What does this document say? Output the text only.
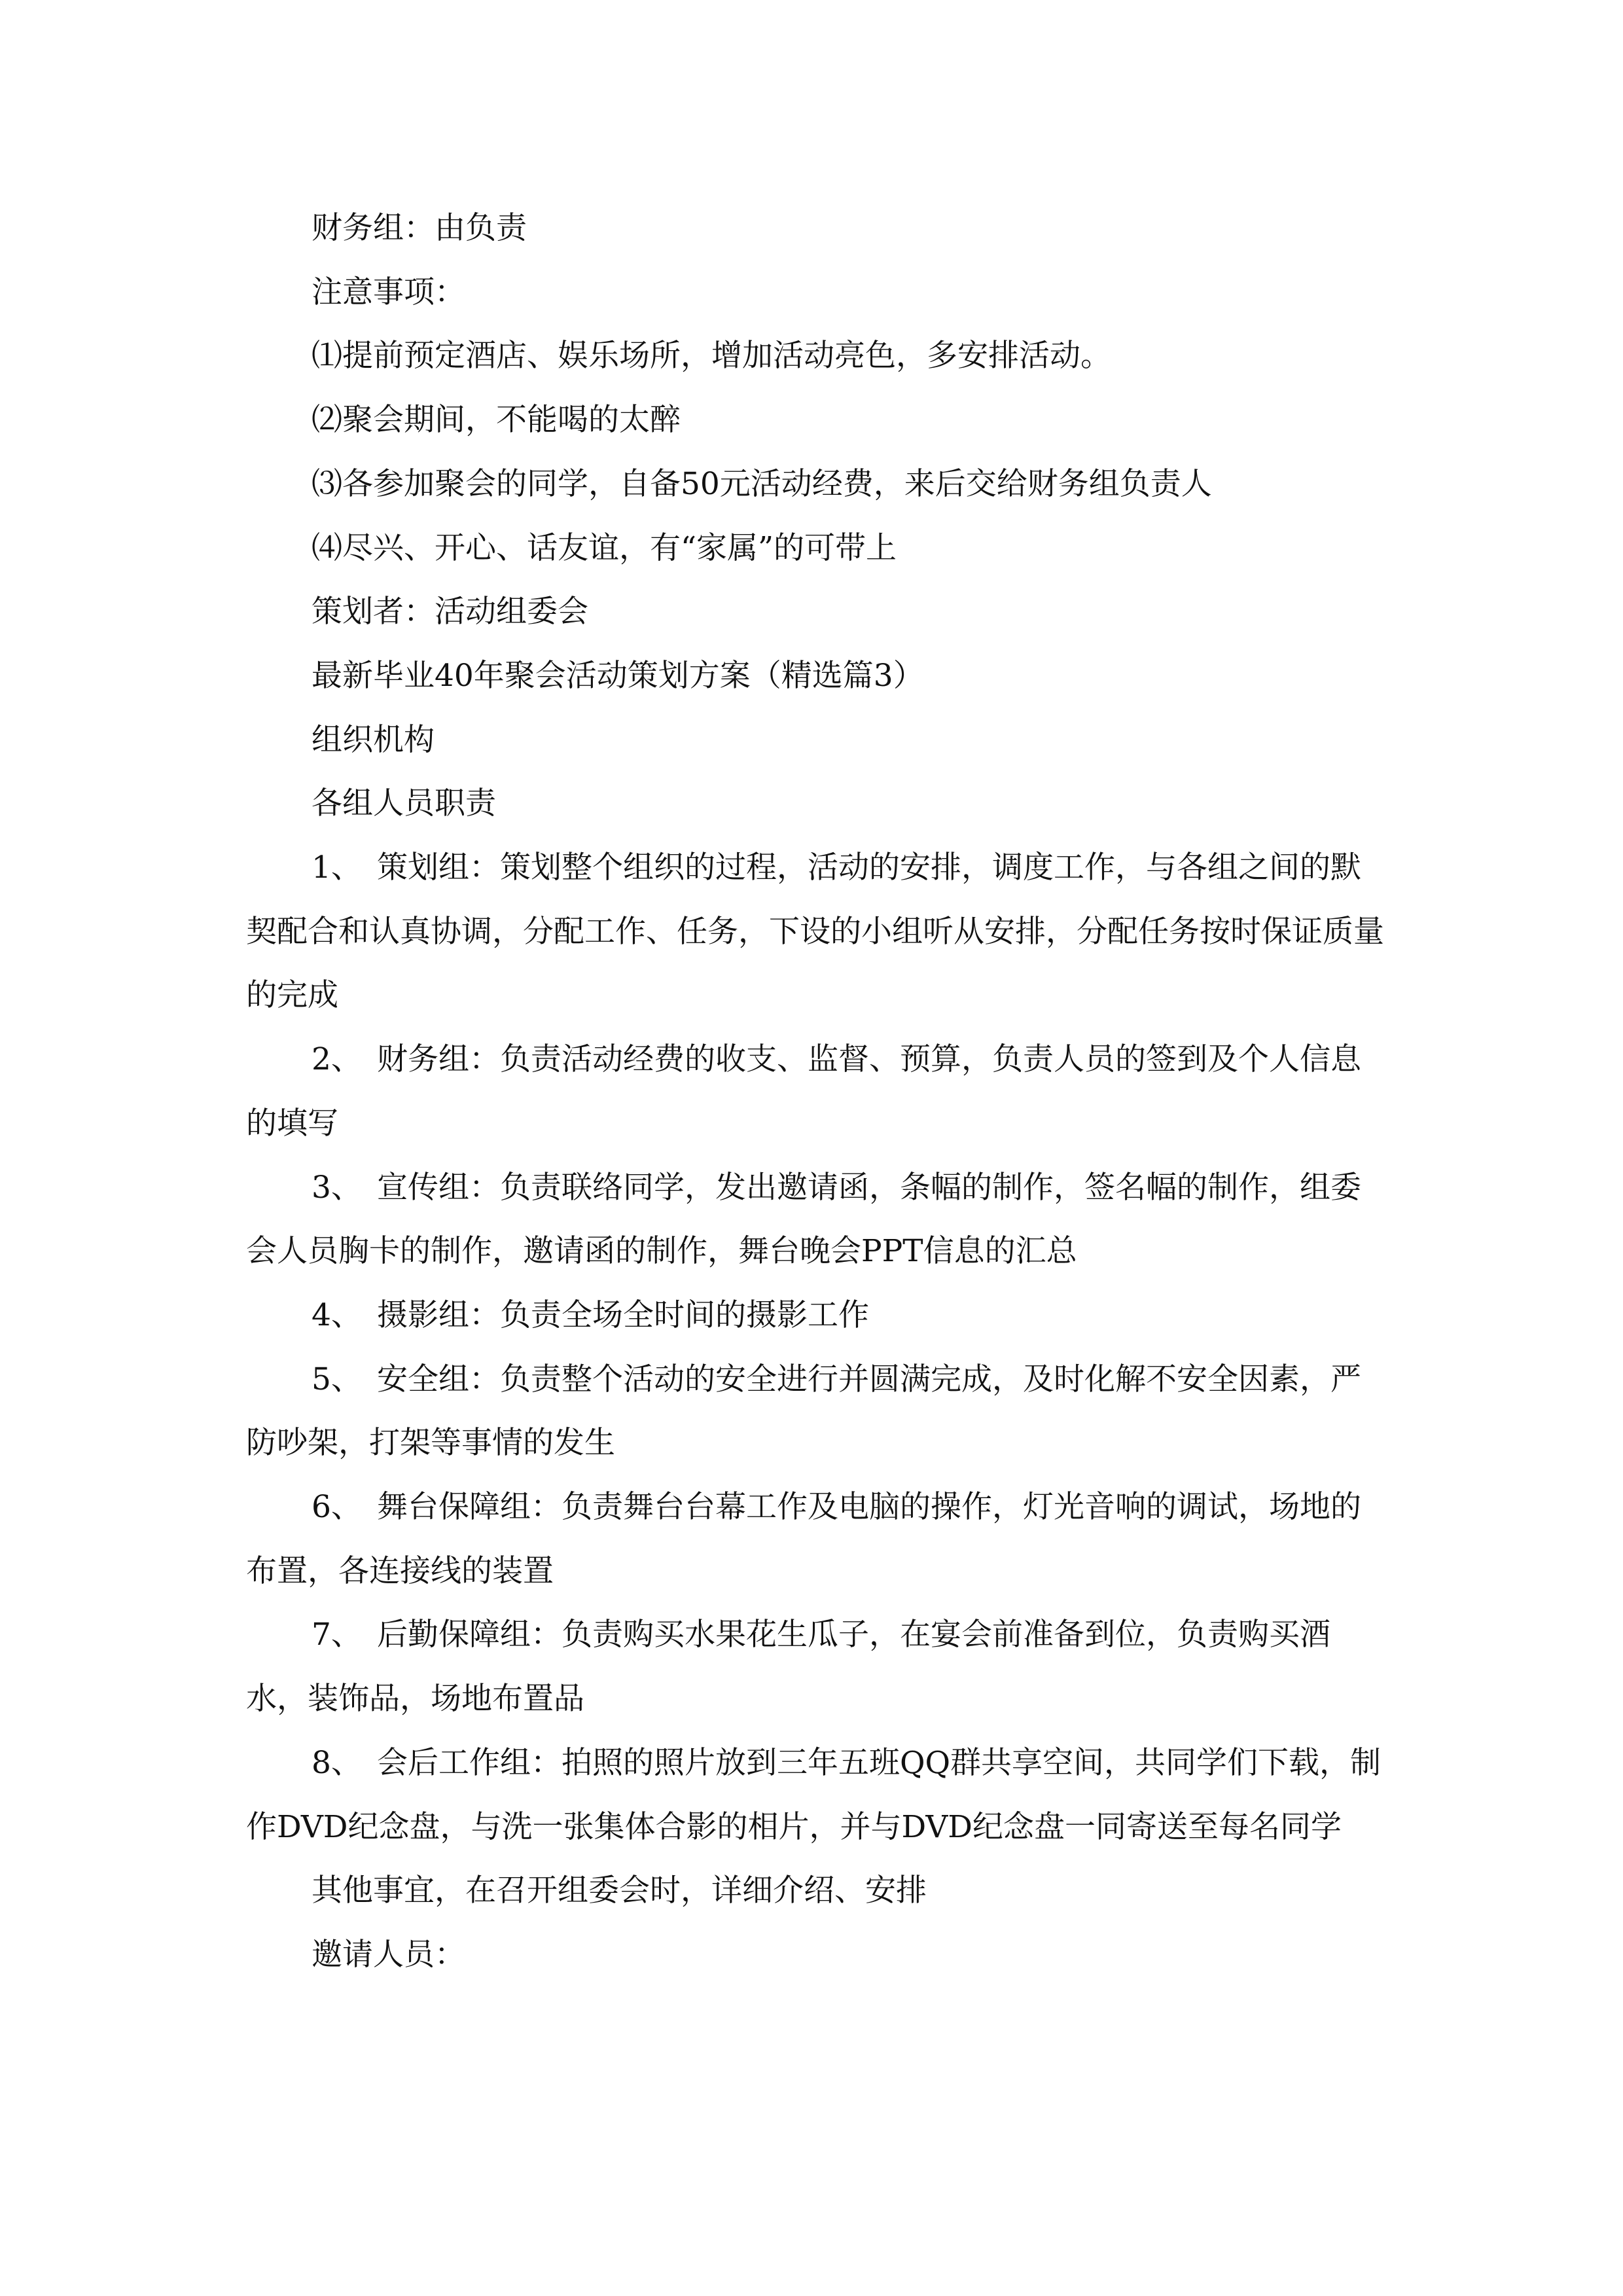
财务组：由负责

注意事项：

⑴提前预定酒店、娱乐场所，增加活动亮色，多安排活动。

⑵聚会期间，不能喝的太醉

⑶各参加聚会的同学，自备50元活动经费，来后交给财务组负责人

⑷尽兴、开心、话友谊，有“家属”的可带上

策划者：活动组委会

最新毕业40年聚会活动策划方案（精选篇3）

组织机构

各组人员职责

1、 策划组：策划整个组织的过程，活动的安排，调度工作，与各组之间的默契配合和认真协调，分配工作、任务，下设的小组听从安排，分配任务按时保证质量的完成

2、 财务组：负责活动经费的收支、监督、预算，负责人员的签到及个人信息的填写

3、 宣传组：负责联络同学，发出邀请函，条幅的制作，签名幅的制作，组委会人员胸卡的制作，邀请函的制作，舞台晚会PPT信息的汇总

4、 摄影组：负责全场全时间的摄影工作

5、 安全组：负责整个活动的安全进行并圆满完成，及时化解不安全因素，严防吵架，打架等事情的发生

6、 舞台保障组：负责舞台台幕工作及电脑的操作，灯光音响的调试，场地的布置，各连接线的装置

7、 后勤保障组：负责购买水果花生瓜子，在宴会前准备到位，负责购买酒水，装饰品，场地布置品

8、 会后工作组：拍照的照片放到三年五班QQ群共享空间，共同学们下载，制作DVD纪念盘，与洗一张集体合影的相片，并与DVD纪念盘一同寄送至每名同学

其他事宜，在召开组委会时，详细介绍、安排

邀请人员：
